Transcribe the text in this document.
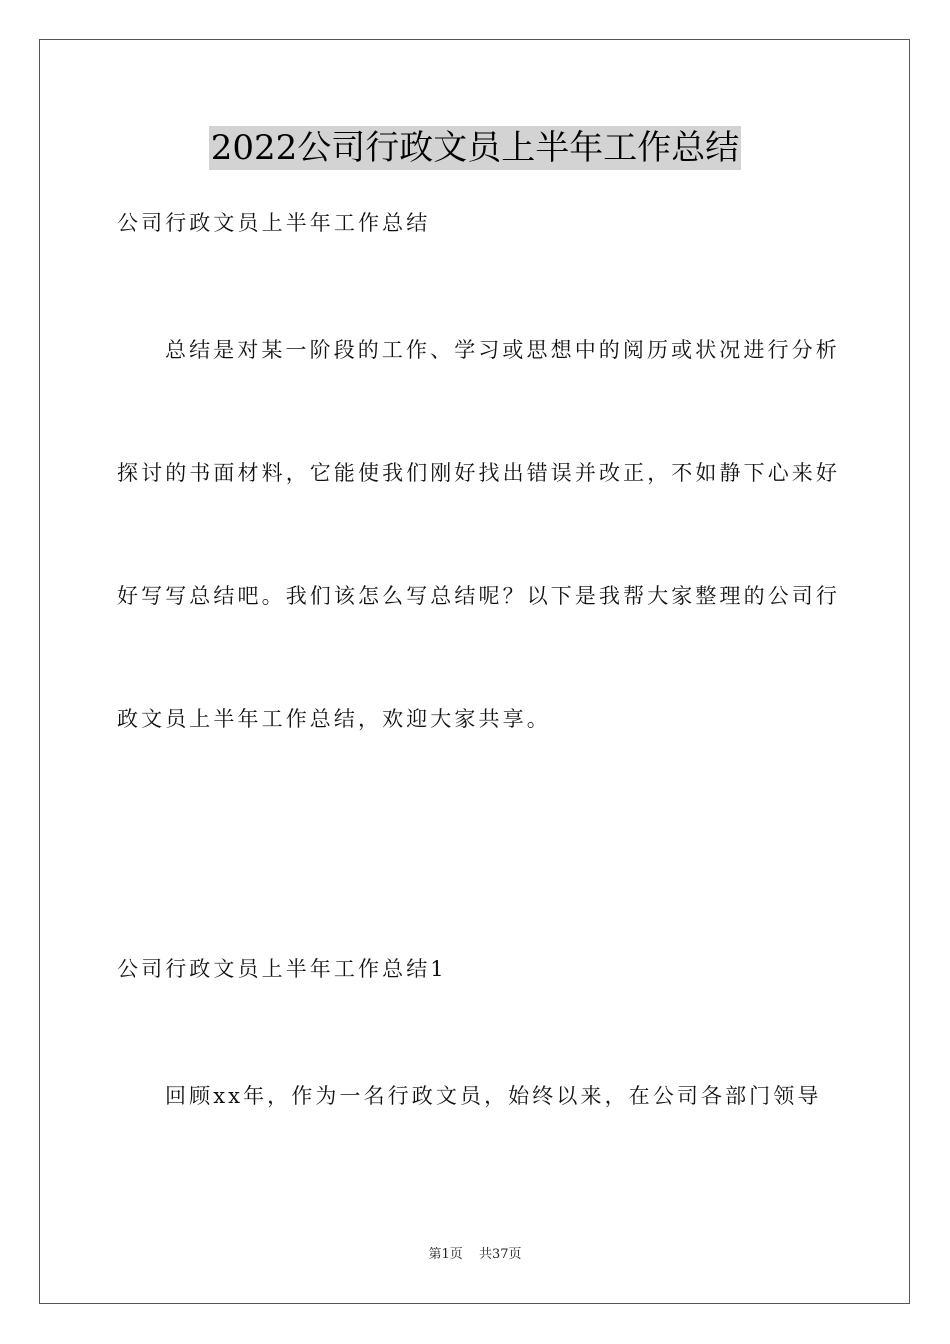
2022公司行政文员上半年工作总结
公司行政文员上半年工作总结
总结是对某一阶段的工作、学习或思想中的阅历或状况进行分析
探讨的书面材料，它能使我们刚好找出错误并改正，不如静下心来好
好写写总结吧。我们该怎么写总结呢？以下是我帮大家整理的公司行
政文员上半年工作总结，欢迎大家共享。
公司行政文员上半年工作总结1
回顾xx年，作为一名行政文员，始终以来，在公司各部门领导
第1页 共37页
